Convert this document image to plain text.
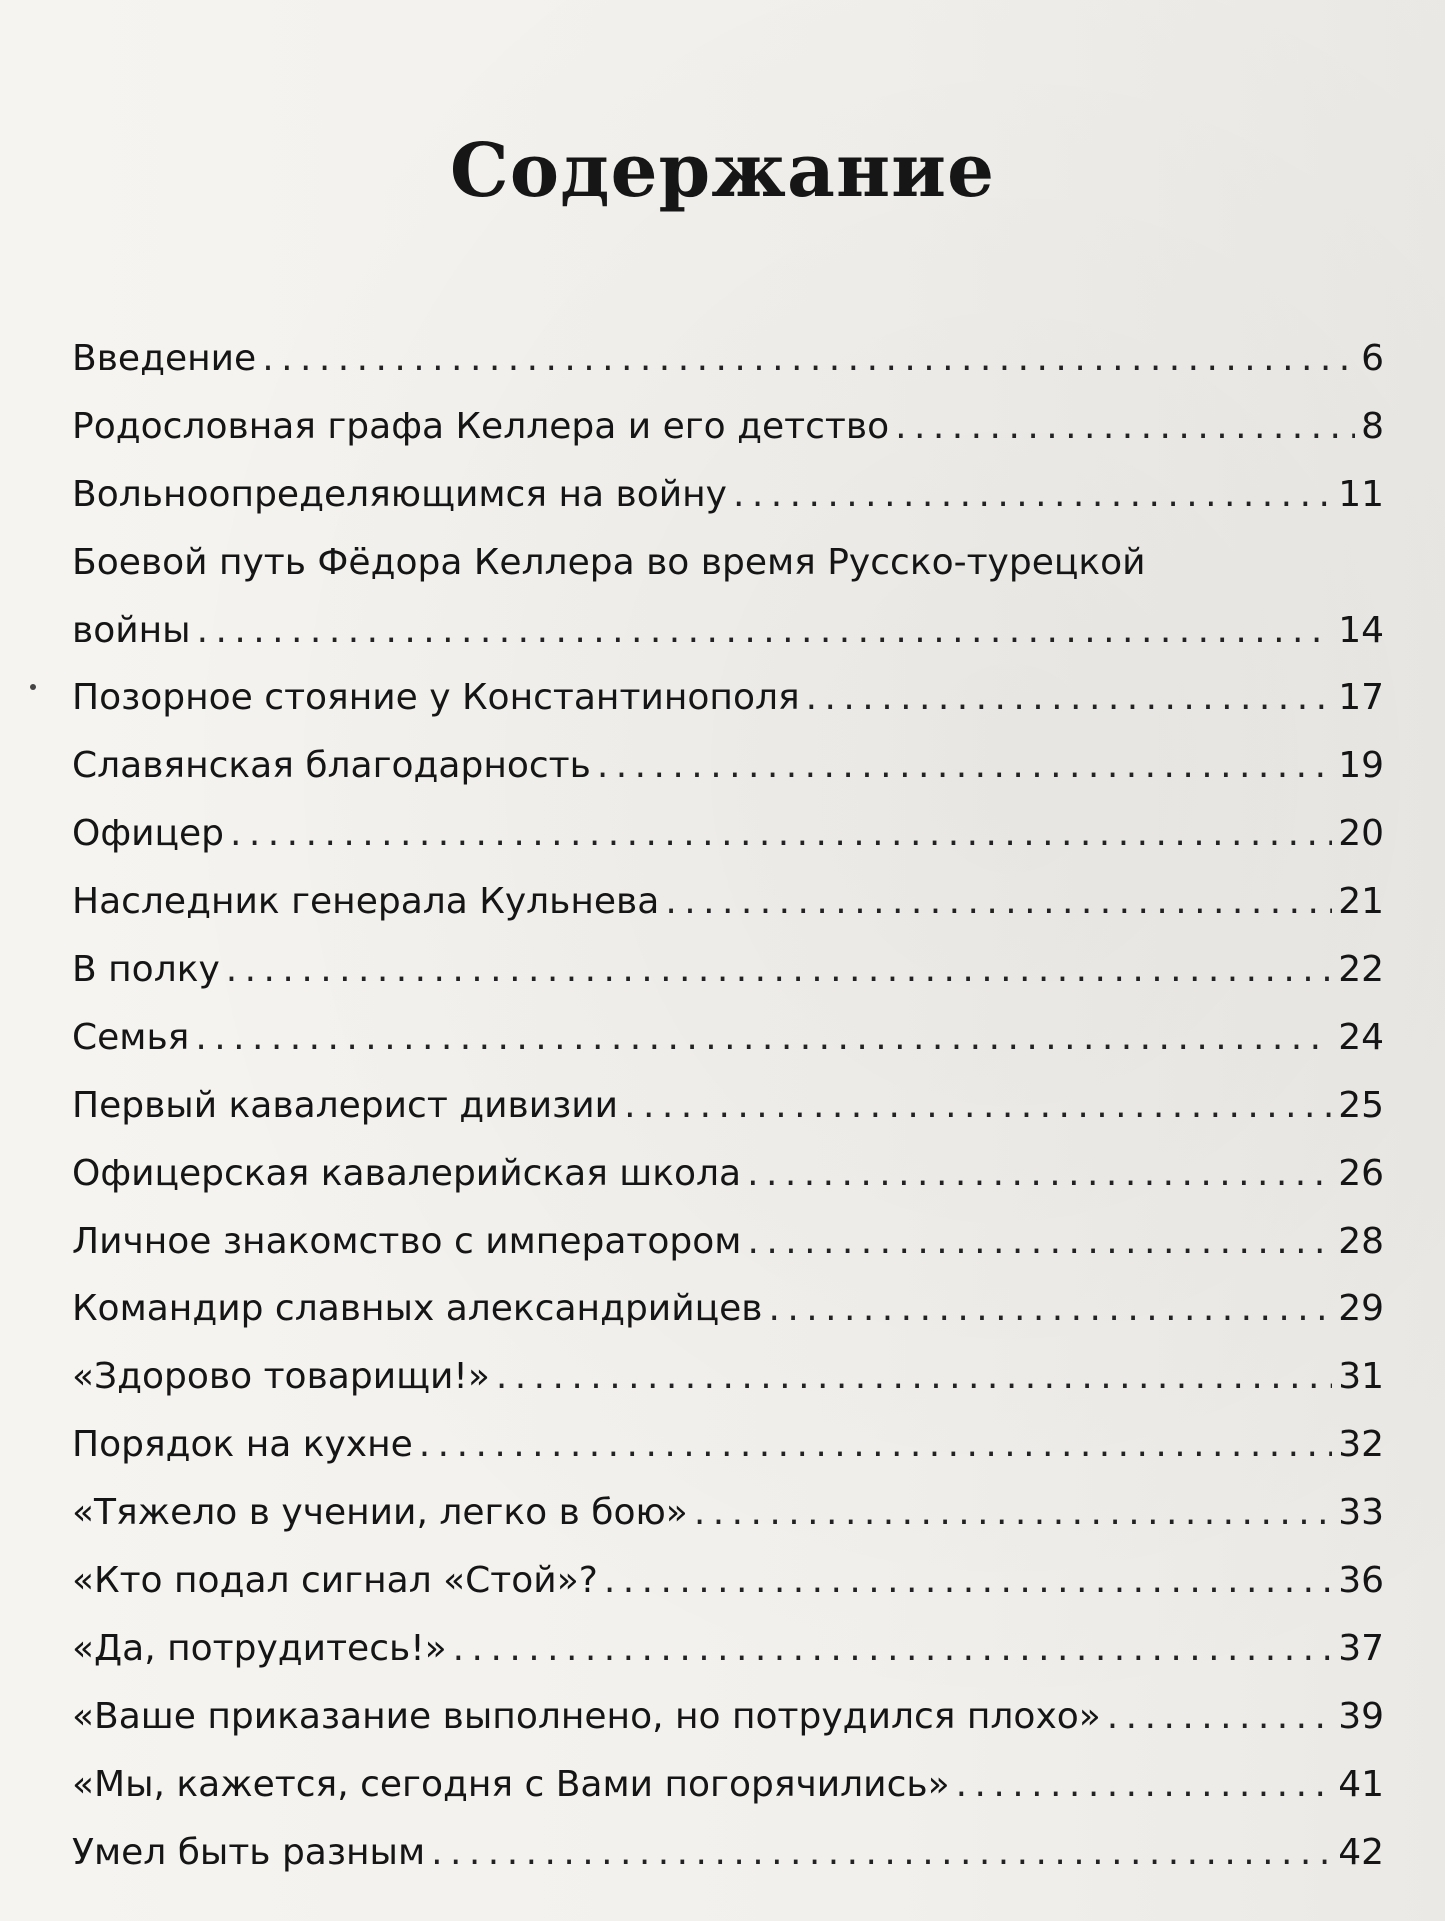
Содержание
Введение . . .	6
Родословная графа Келлера и его детство . . .	8
Вольноопределяющимся на войну . . .	11
Боевой путь Фёдора Келлера во время Русско-турецкой
войны . . .	14
Позорное стояние у Константинополя . . .	17
Славянская благодарность . . .	19
Офицер . . .	20
Наследник генерала Кульнева . . .	21
В полку . . .	22
Семья . . .	24
Первый кавалерист дивизии . . .	25
Офицерская кавалерийская школа . . .	26
Личное знакомство с императором . . .	28
Командир славных александрийцев . . .	29
«Здорово товарищи!» . . .	31
Порядок на кухне . . .	32
«Тяжело в учении, легко в бою» . . .	33
«Кто подал сигнал «Стой»? . . .	36
«Да, потрудитесь!» . . .	37
«Ваше приказание выполнено, но потрудился плохо» . . .	39
«Мы, кажется, сегодня с Вами погорячились» . . .	41
Умел быть разным . . .	42
